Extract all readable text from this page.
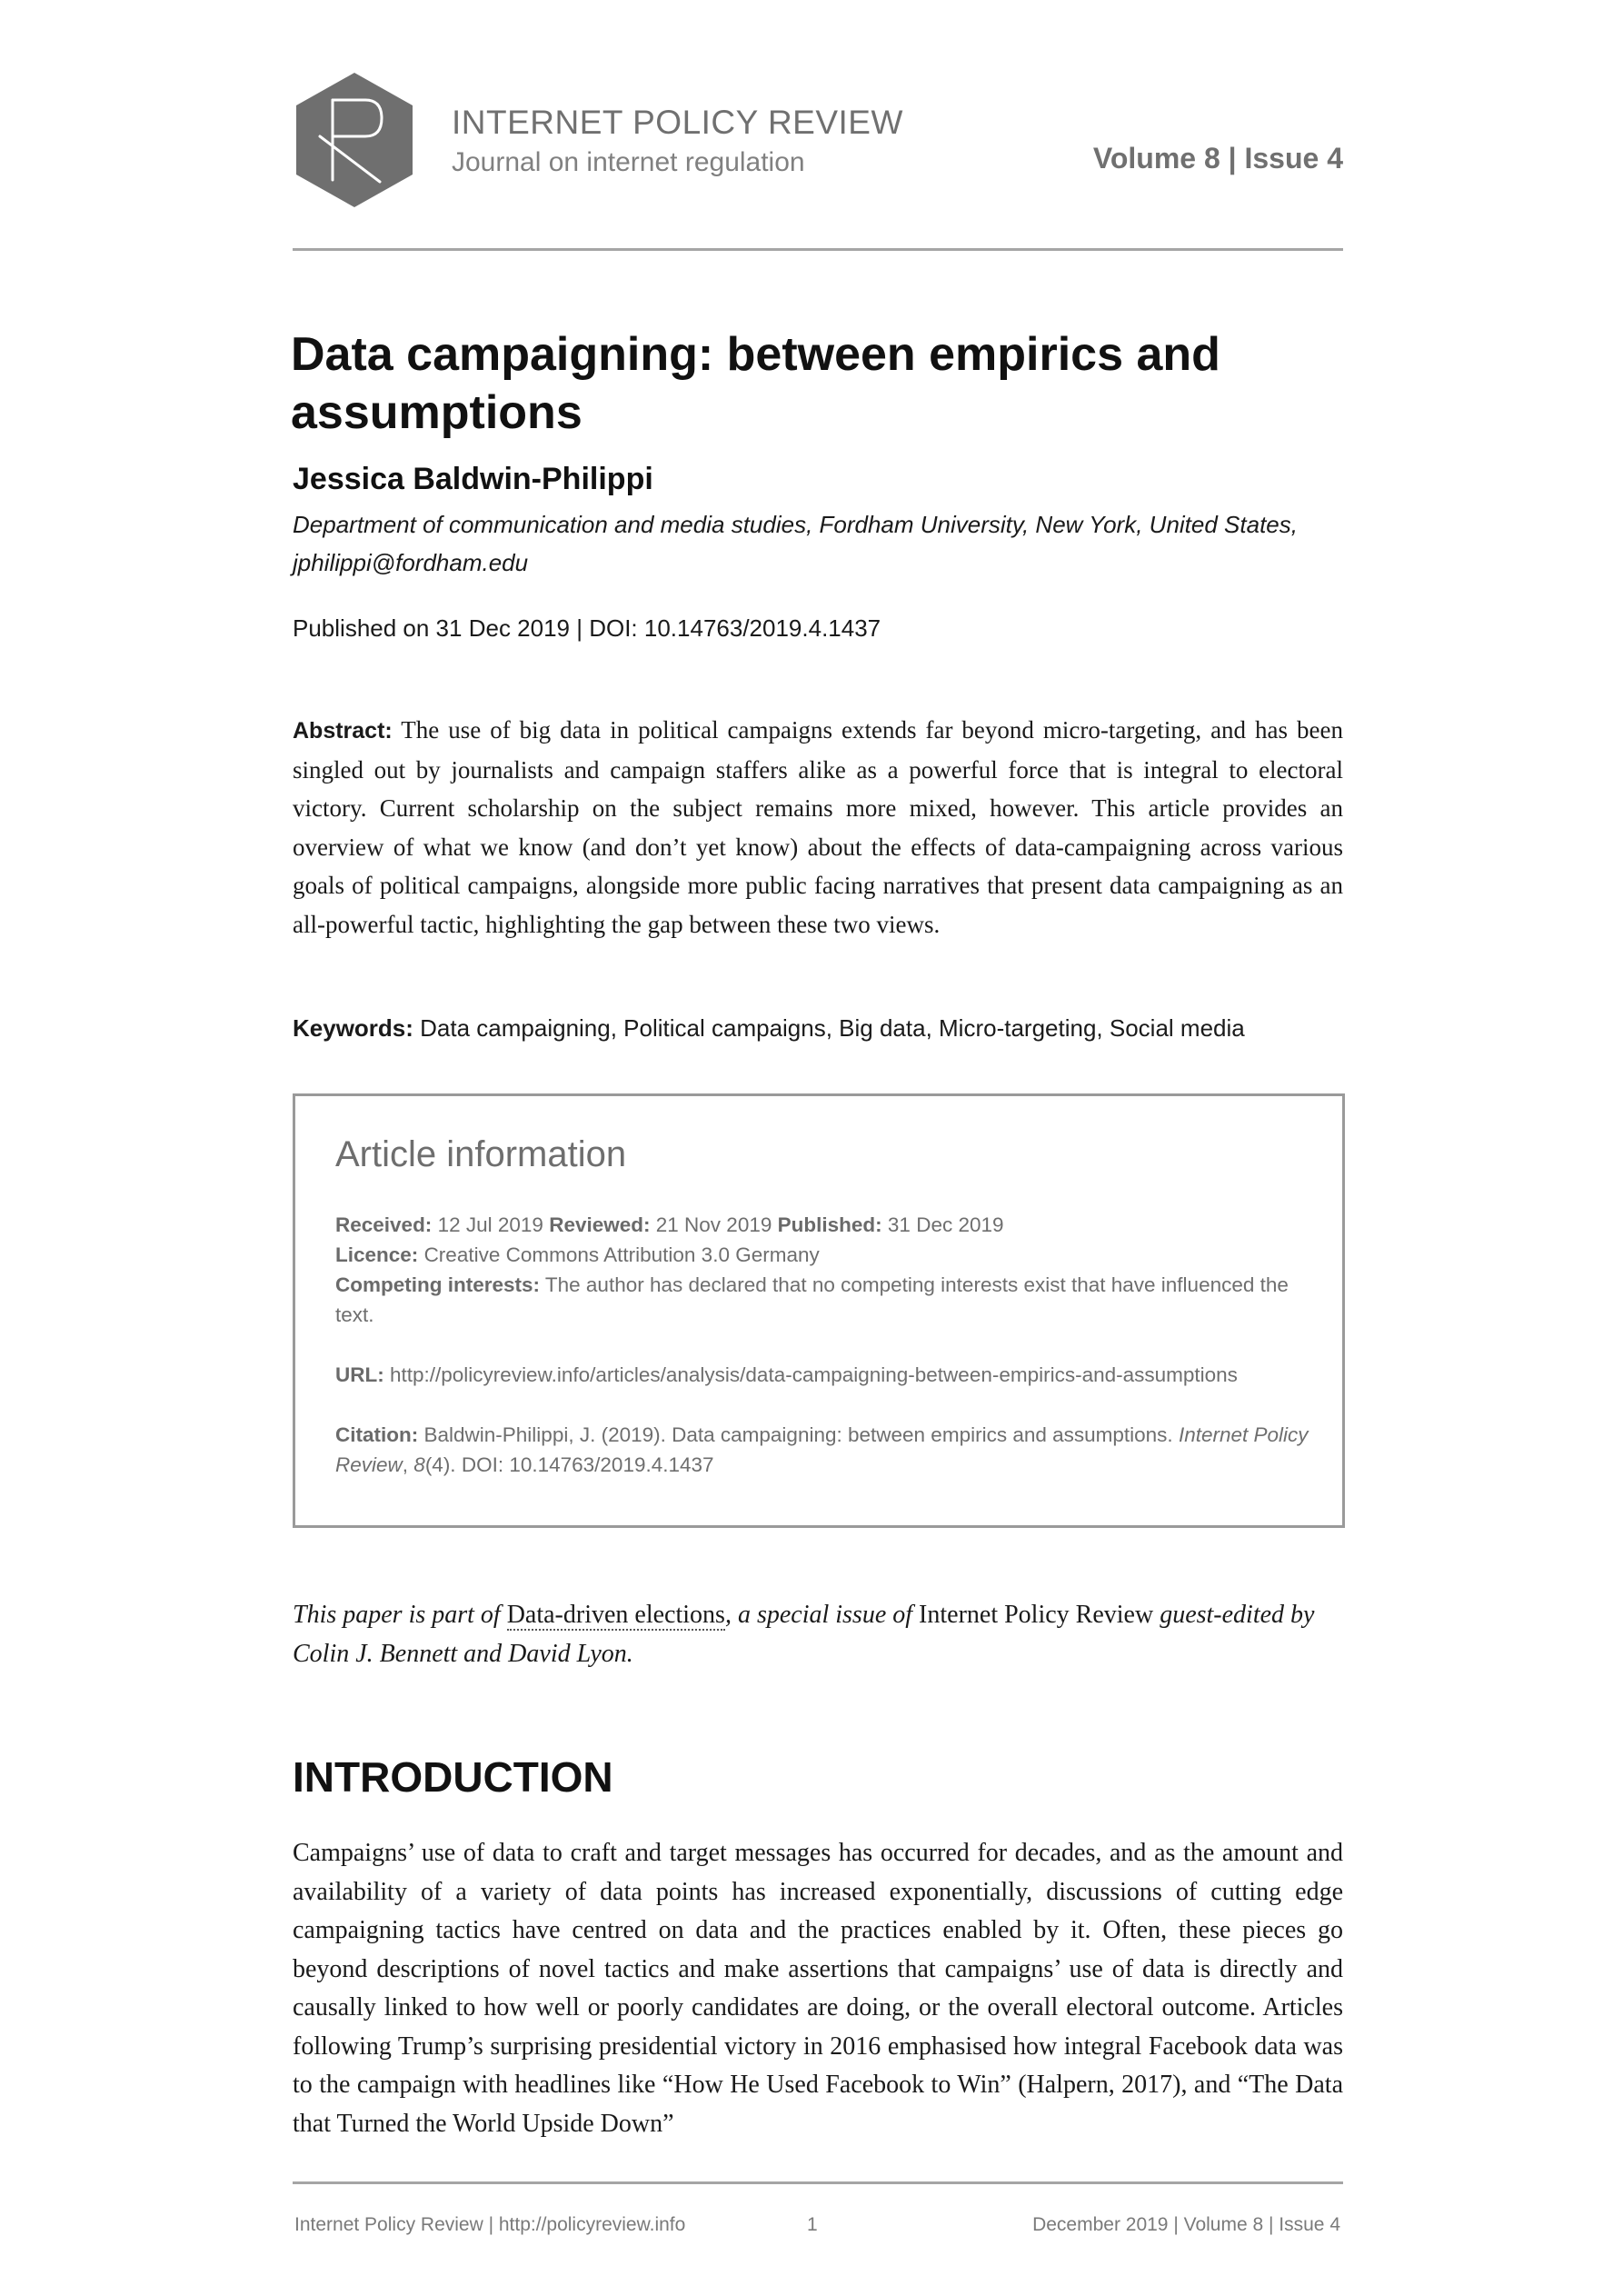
INTERNET POLICY REVIEW
Journal on internet regulation	Volume 8 | Issue 4
Data campaigning: between empirics and assumptions
Jessica Baldwin-Philippi
Department of communication and media studies, Fordham University, New York, United States, jphilippi@fordham.edu
Published on 31 Dec 2019 | DOI: 10.14763/2019.4.1437
Abstract: The use of big data in political campaigns extends far beyond micro-targeting, and has been singled out by journalists and campaign staffers alike as a powerful force that is integral to electoral victory. Current scholarship on the subject remains more mixed, however. This article provides an overview of what we know (and don’t yet know) about the effects of data-campaigning across various goals of political campaigns, alongside more public facing narratives that present data campaigning as an all-powerful tactic, highlighting the gap between these two views.
Keywords: Data campaigning, Political campaigns, Big data, Micro-targeting, Social media
Article information

Received: 12 Jul 2019 Reviewed: 21 Nov 2019 Published: 31 Dec 2019

Licence: Creative Commons Attribution 3.0 Germany

Competing interests: The author has declared that no competing interests exist that have influenced the text.

URL: http://policyreview.info/articles/analysis/data-campaigning-between-empirics-and-assumptions

Citation: Baldwin-Philippi, J. (2019). Data campaigning: between empirics and assumptions. Internet Policy Review, 8(4). DOI: 10.14763/2019.4.1437

This paper is part of Data-driven elections, a special issue of Internet Policy Review guest-edited by Colin J. Bennett and David Lyon.
INTRODUCTION
Campaigns’ use of data to craft and target messages has occurred for decades, and as the amount and availability of a variety of data points has increased exponentially, discussions of cutting edge campaigning tactics have centred on data and the practices enabled by it. Often, these pieces go beyond descriptions of novel tactics and make assertions that campaigns’ use of data is directly and causally linked to how well or poorly candidates are doing, or the overall electoral outcome. Articles following Trump’s surprising presidential victory in 2016 emphasised how integral Facebook data was to the campaign with headlines like “How He Used Facebook to Win” (Halpern, 2017), and “The Data that Turned the World Upside Down”
Internet Policy Review | http://policyreview.info	1	December 2019 | Volume 8 | Issue 4
